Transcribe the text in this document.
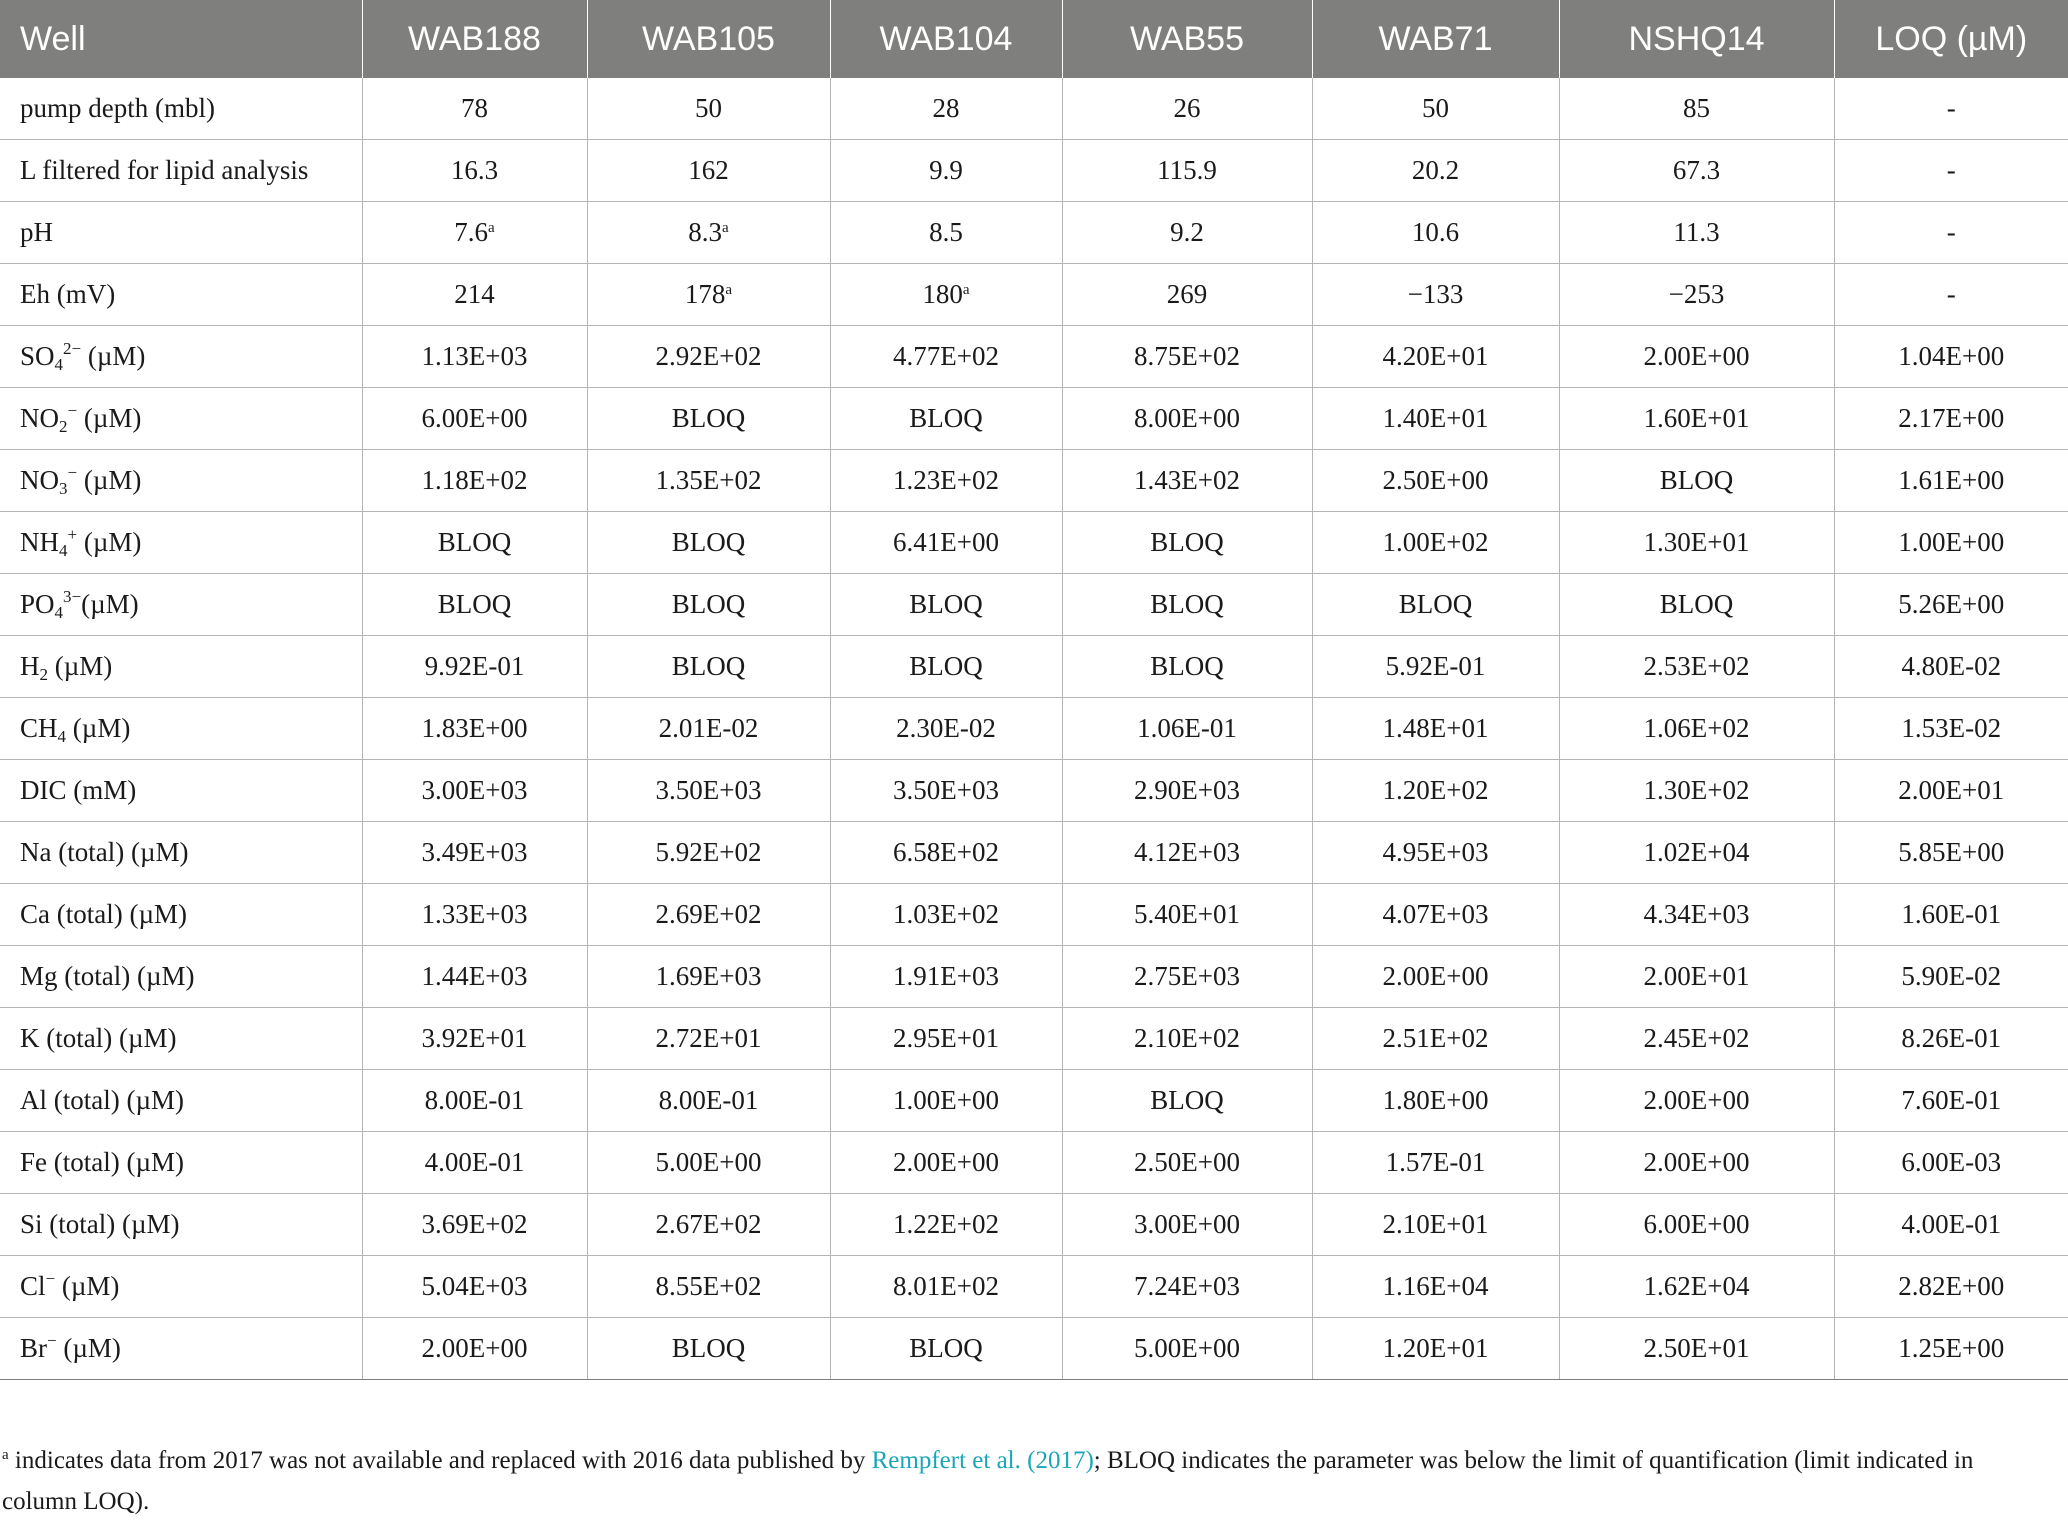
Well	WAB188	WAB105	WAB104	WAB55	WAB71	NSHQ14	LOQ (µM)
pump depth (mbl)	78	50	28	26	50	85	-
L filtered for lipid analysis	16.3	162	9.9	115.9	20.2	67.3	-
pH	7.6$^a$	8.3$^a$	8.5	9.2	10.6	11.3	-
Eh (mV)	214	178$^a$	180$^a$	269	−133	−253	-
$SO4^{2-}$ (µM)	1.13E+03	2.92E+02	4.77E+02	8.75E+02	4.20E+01	2.00E+00	1.04E+00
NO2− (µM)	6.00E+00	BLOQ	BLOQ	8.00E+00	1.40E+01	1.60E+01	2.17E+00
NO3− (µM)	1.18E+02	1.35E+02	1.23E+02	1.43E+02	2.50E+00	BLOQ	1.61E+00
NH4+ (µM)	BLOQ	BLOQ	6.41E+00	BLOQ	1.00E+02	1.30E+01	1.00E+00
$PO4^{3-}(\mu M)$	BLOQ	BLOQ	BLOQ	BLOQ	BLOQ	BLOQ	5.26E+00
H2 (µM)	9.92E-01	BLOQ	BLOQ	BLOQ	5.92E-01	2.53E+02	4.80E-02
CH4 (µM)	1.83E+00	2.01E-02	2.30E-02	1.06E-01	1.48E+01	1.06E+02	1.53E-02
DIC (mM)	3.00E+03	3.50E+03	3.50E+03	2.90E+03	1.20E+02	1.30E+02	2.00E+01
Na (total) (µM)	3.49E+03	5.92E+02	6.58E+02	4.12E+03	4.95E+03	1.02E+04	5.85E+00
Ca (total) (µM)	1.33E+03	2.69E+02	1.03E+02	5.40E+01	4.07E+03	4.34E+03	1.60E-01
Mg (total) (µM)	1.44E+03	1.69E+03	1.91E+03	2.75E+03	2.00E+00	2.00E+01	5.90E-02
K (total) (µM)	3.92E+01	2.72E+01	2.95E+01	2.10E+02	2.51E+02	2.45E+02	8.26E-01
Al (total) (µM)	8.00E-01	8.00E-01	1.00E+00	BLOQ	1.80E+00	2.00E+00	7.60E-01
Fe (total) (µM)	4.00E-01	5.00E+00	2.00E+00	2.50E+00	1.57E-01	2.00E+00	6.00E-03
Si (total) (µM)	3.69E+02	2.67E+02	1.22E+02	3.00E+00	2.10E+01	6.00E+00	4.00E-01
Cl− (µM)	5.04E+03	8.55E+02	8.01E+02	7.24E+03	1.16E+04	1.62E+04	2.82E+00
Br− (µM)	2.00E+00	BLOQ	BLOQ	5.00E+00	1.20E+01	2.50E+01	1.25E+00
$^a$ indicates data from 2017 was not available and replaced with 2016 data published by Rempfert et al. (2017); BLOQ indicates the parameter was below the limit of quantification (limit indicated in column LOQ).
